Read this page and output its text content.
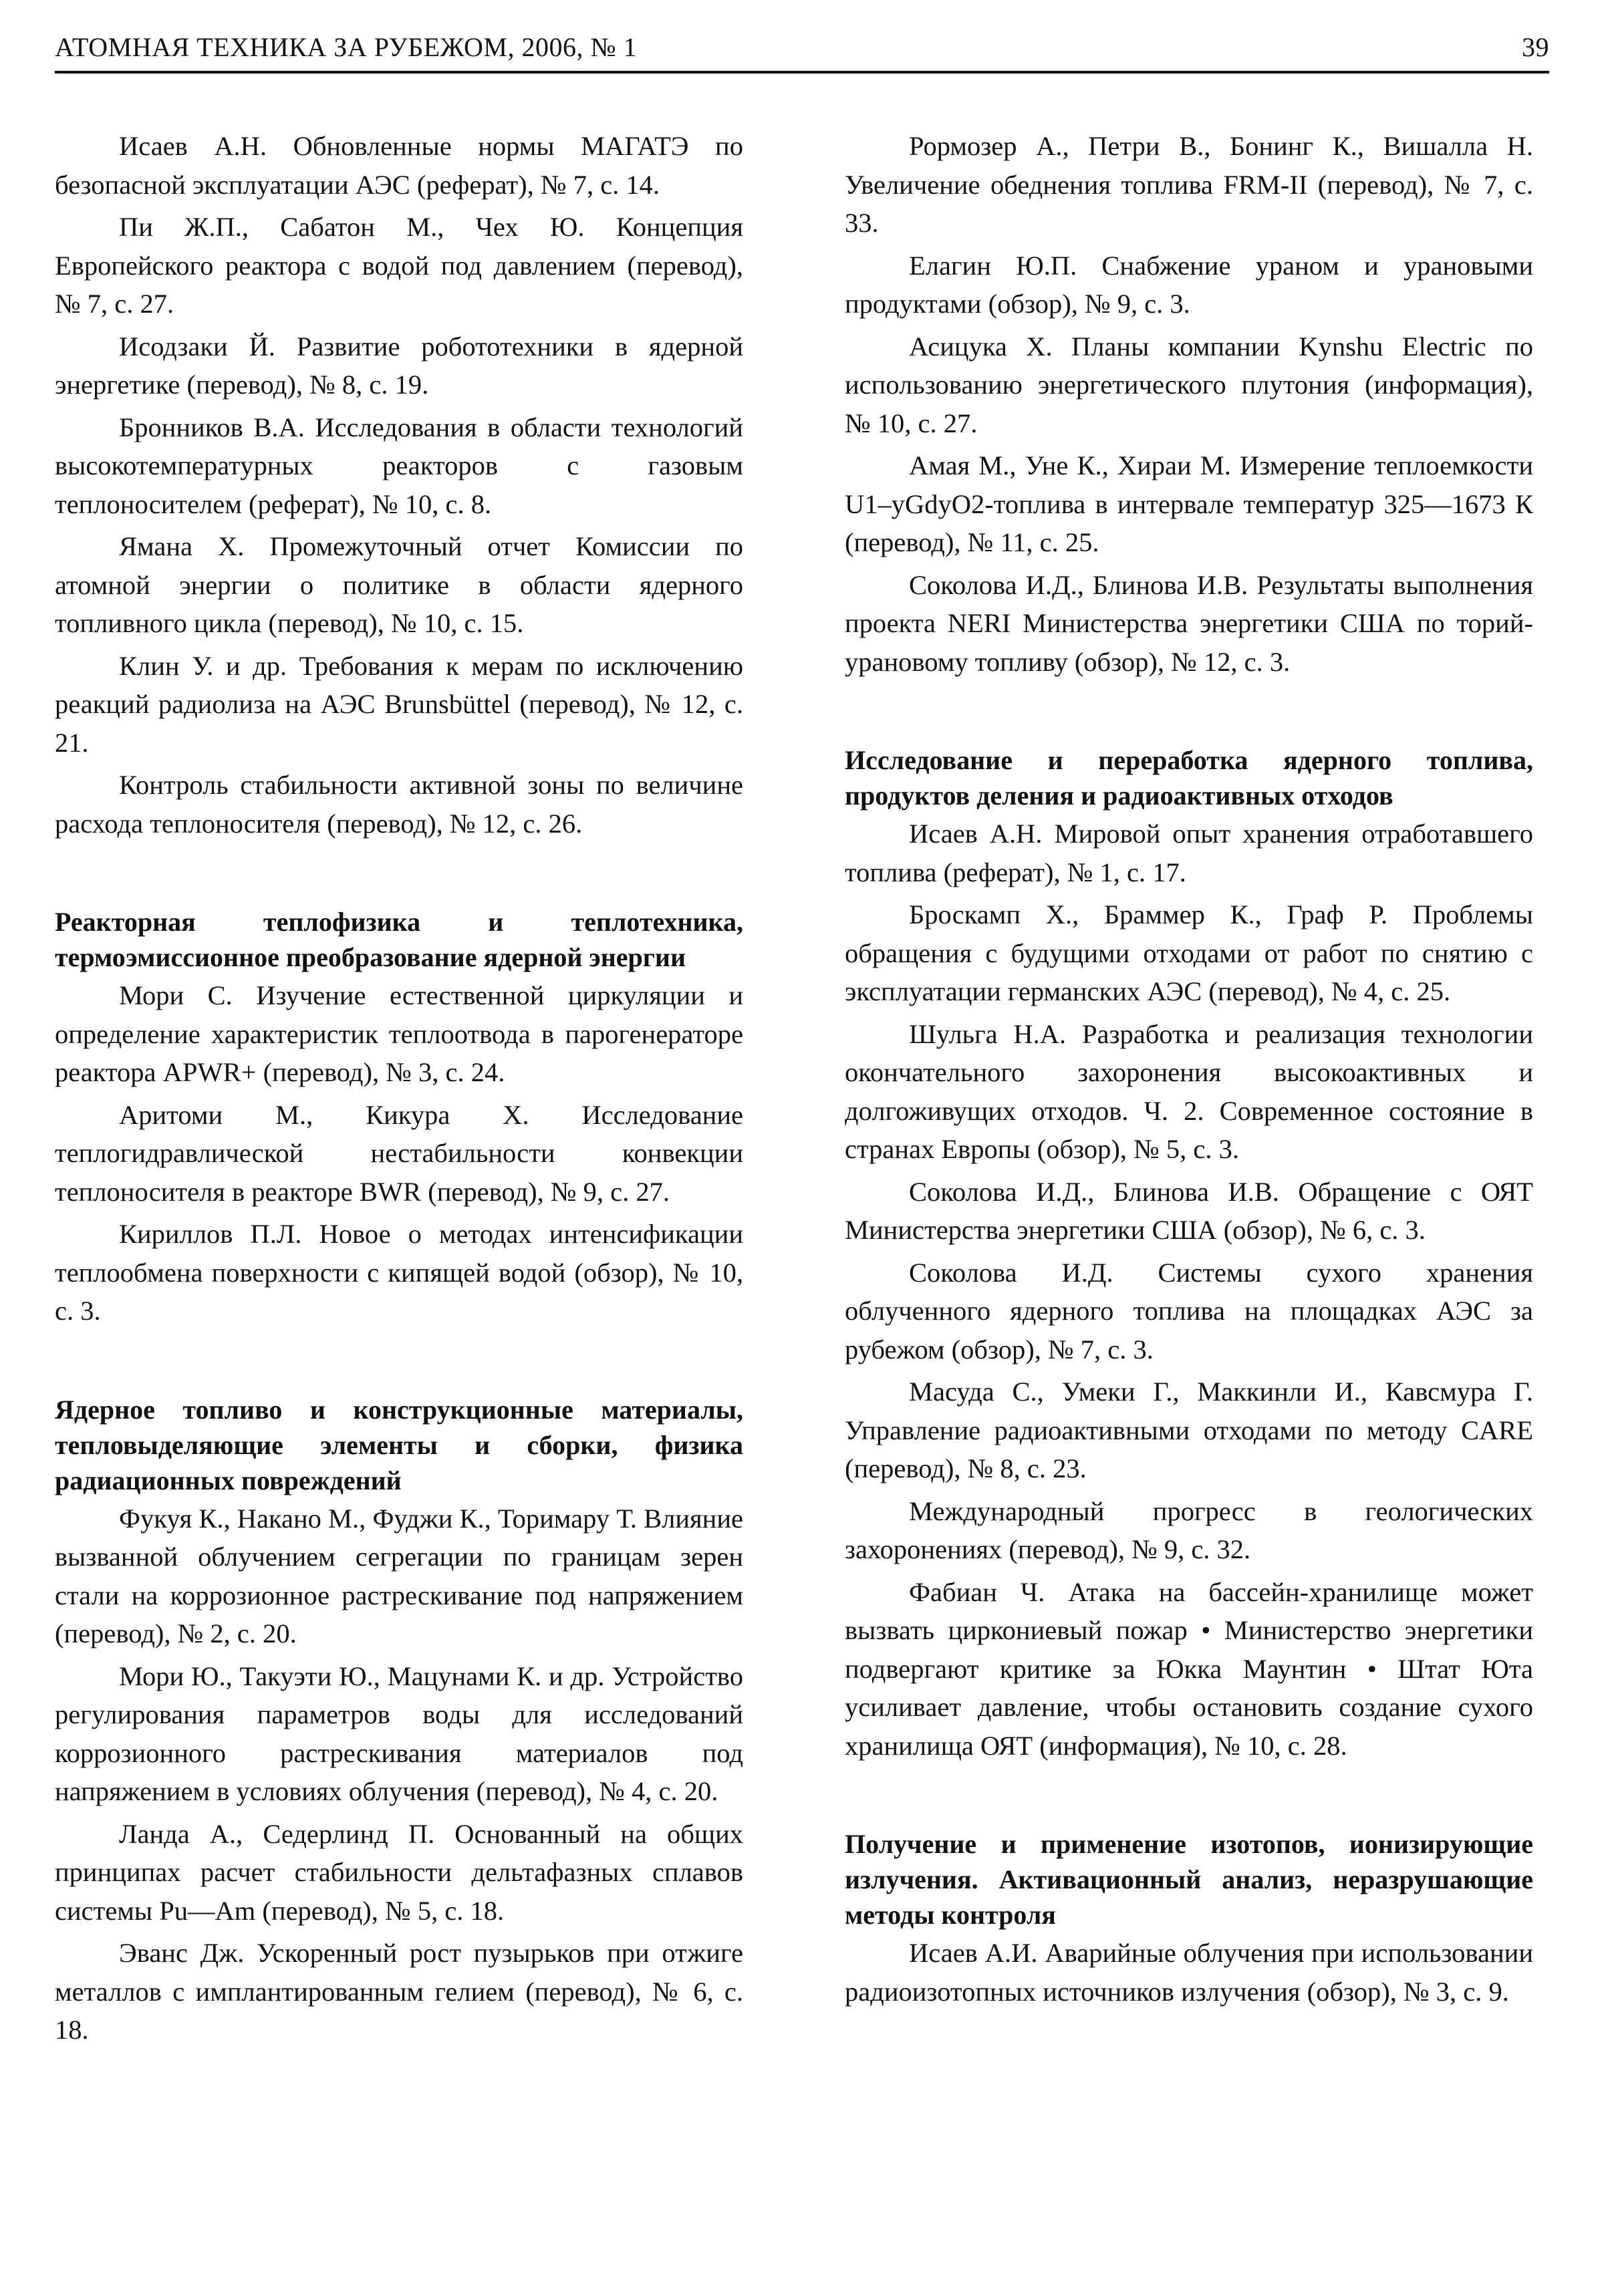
АТОМНАЯ ТЕХНИКА ЗА РУБЕЖОМ, 2006, № 1	39

Исаев А.Н. Обновленные нормы МАГАТЭ по безопасной эксплуатации АЭС (реферат), № 7, с. 14.

Пи Ж.П., Сабатон М., Чех Ю. Концепция Европейского реактора с водой под давлением (перевод), № 7, с. 27.

Исодзаки Й. Развитие робототехники в ядерной энергетике (перевод), № 8, с. 19.

Бронников В.А. Исследования в области технологий высокотемпературных реакторов с газовым теплоносителем (реферат), № 10, с. 8.

Ямана Х. Промежуточный отчет Комиссии по атомной энергии о политике в области ядерного топливного цикла (перевод), № 10, с. 15.

Клин У. и др. Требования к мерам по исключению реакций радиолиза на АЭС Brunsbüttel (перевод), № 12, с. 21.

Контроль стабильности активной зоны по величине расхода теплоносителя (перевод), № 12, с. 26.

Реакторная теплофизика и теплотехника, термоэмиссионное преобразование ядерной энергии

Мори С. Изучение естественной циркуляции и определение характеристик теплоотвода в парогенераторе реактора APWR+ (перевод), № 3, с. 24.

Аритоми М., Кикура Х. Исследование теплогидравлической нестабильности конвекции теплоносителя в реакторе BWR (перевод), № 9, с. 27.

Кириллов П.Л. Новое о методах интенсификации теплообмена поверхности с кипящей водой (обзор), № 10, с. 3.

Ядерное топливо и конструкционные материалы, тепловыделяющие элементы и сборки, физика радиационных повреждений

Фукуя К., Накано М., Фуджи К., Торимару Т. Влияние вызванной облучением сегрегации по границам зерен стали на коррозионное растрескивание под напряжением (перевод), № 2, с. 20.

Мори Ю., Такуэти Ю., Мацунами К. и др. Устройство регулирования параметров воды для исследований коррозионного растрескивания материалов под напряжением в условиях облучения (перевод), № 4, с. 20.

Ланда А., Седерлинд П. Основанный на общих принципах расчет стабильности дельтафазных сплавов системы Pu—Am (перевод), № 5, с. 18.

Эванс Дж. Ускоренный рост пузырьков при отжиге металлов с имплантированным гелием (перевод), № 6, с. 18.

Рормозер А., Петри В., Бонинг К., Вишалла Н. Увеличение обеднения топлива FRM-II (перевод), № 7, с. 33.

Елагин Ю.П. Снабжение ураном и урановыми продуктами (обзор), № 9, с. 3.

Асицука Х. Планы компании Kynshu Electric по использованию энергетического плутония (информация), № 10, с. 27.

Амая М., Уне К., Хираи М. Измерение теплоемкости U1–yGdyO2-топлива в интервале температур 325—1673 К (перевод), № 11, с. 25.

Соколова И.Д., Блинова И.В. Результаты выполнения проекта NERI Министерства энергетики США по торий-урановому топливу (обзор), № 12, с. 3.

Исследование и переработка ядерного топлива, продуктов деления и радиоактивных отходов

Исаев А.Н. Мировой опыт хранения отработавшего топлива (реферат), № 1, с. 17.

Броскамп Х., Браммер К., Граф Р. Проблемы обращения с будущими отходами от работ по снятию с эксплуатации германских АЭС (перевод), № 4, с. 25.

Шульга Н.А. Разработка и реализация технологии окончательного захоронения высокоактивных и долгоживущих отходов. Ч. 2. Современное состояние в странах Европы (обзор), № 5, с. 3.

Соколова И.Д., Блинова И.В. Обращение с ОЯТ Министерства энергетики США (обзор), № 6, с. 3.

Соколова И.Д. Системы сухого хранения облученного ядерного топлива на площадках АЭС за рубежом (обзор), № 7, с. 3.

Масуда С., Умеки Г., Маккинли И., Кавсмура Г. Управление радиоактивными отходами по методу CARE (перевод), № 8, с. 23.

Международный прогресс в геологических захоронениях (перевод), № 9, с. 32.

Фабиан Ч. Атака на бассейн-хранилище может вызвать циркониевый пожар • Министерство энергетики подвергают критике за Юкка Маунтин • Штат Юта усиливает давление, чтобы остановить создание сухого хранилища ОЯТ (информация), № 10, с. 28.

Получение и применение изотопов, ионизирующие излучения. Активационный анализ, неразрушающие методы контроля

Исаев А.И. Аварийные облучения при использовании радиоизотопных источников излучения (обзор), № 3, с. 9.
